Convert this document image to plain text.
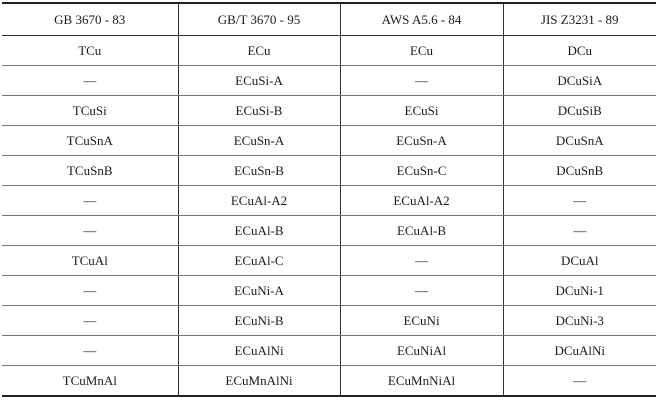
GB 3670 - 83	GB/T 3670 - 95	AWS A5.6 - 84	JIS Z3231 - 89
TCu	ECu	ECu	DCu
—	ECuSi-A	—	DCuSiA
TCuSi	ECuSi-B	ECuSi	DCuSiB
TCuSnA	ECuSn-A	ECuSn-A	DCuSnA
TCuSnB	ECuSn-B	ECuSn-C	DCuSnB
—	ECuAl-A2	ECuAl-A2	—
—	ECuAl-B	ECuAl-B	—
TCuAl	ECuAl-C	—	DCuAl
—	ECuNi-A	—	DCuNi-1
—	ECuNi-B	ECuNi	DCuNi-3
—	ECuAlNi	ECuNiAl	DCuAlNi
TCuMnAl	ECuMnAlNi	ECuMnNiAl	—
